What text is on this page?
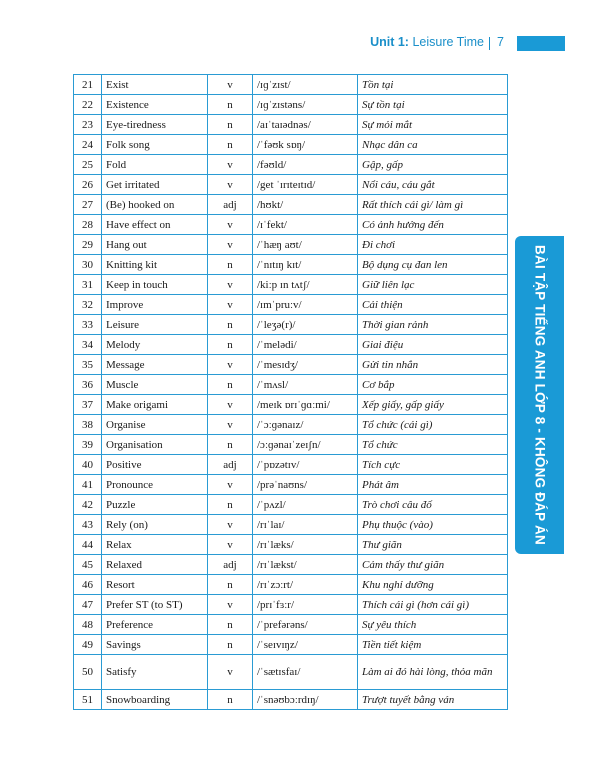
Unit 1: Leisure Time 7
BÀI TẬP TIẾNG ANH LỚP 8 - KHÔNG ĐÁP ÁN
21	Exist	v	/ɪɡˈzɪst/	Tồn tại
22	Existence	n	/ɪɡˈzɪstəns/	Sự tồn tại
23	Eye-tiredness	n	/aɪˈtaɪədnəs/	Sự mỏi mắt
24	Folk song	n	/ˈfəʊk sɒŋ/	Nhạc dân ca
25	Fold	v	/fəʊld/	Gập, gấp
26	Get irritated	v	/get ˈɪrɪteɪtɪd/	Nổi cáu, cáu gắt
27	(Be) hooked on	adj	/hʊkt/	Rất thích cái gì/ làm gì
28	Have effect on	v	/ɪˈfekt/	Có ảnh hưởng đến
29	Hang out	v	/ˈhæŋ aʊt/	Đi chơi
30	Knitting kit	n	/ˈnɪtɪŋ kɪt/	Bộ dụng cụ đan len
31	Keep in touch	v	/kiːp ɪn tʌtʃ/	Giữ liên lạc
32	Improve	v	/ɪmˈpruːv/	Cải thiện
33	Leisure	n	/ˈleʒə(r)/	Thời gian rảnh
34	Melody	n	/ˈmelədi/	Giai điệu
35	Message	v	/ˈmesɪdʒ/	Gửi tin nhắn
36	Muscle	n	/ˈmʌsl/	Cơ bắp
37	Make origami	v	/meɪk ɒrɪˈɡɑːmi/	Xếp giấy, gấp giấy
38	Organise	v	/ˈɔːɡənaɪz/	Tổ chức (cái gì)
39	Organisation	n	/ɔːɡənaɪˈzeɪʃn/	Tổ chức
40	Positive	adj	/ˈpɒzətɪv/	Tích cực
41	Pronounce	v	/prəˈnaʊns/	Phát âm
42	Puzzle	n	/ˈpʌzl/	Trò chơi câu đố
43	Rely (on)	v	/rɪˈlaɪ/	Phụ thuộc (vào)
44	Relax	v	/rɪˈlæks/	Thư giãn
45	Relaxed	adj	/rɪˈlækst/	Cảm thấy thư giãn
46	Resort	n	/rɪˈzɔːrt/	Khu nghỉ dưỡng
47	Prefer ST (to ST)	v	/prɪˈfɜːr/	Thích cái gì (hơn cái gì)
48	Preference	n	/ˈprefərəns/	Sự yêu thích
49	Savings	n	/ˈseɪvɪŋz/	Tiền tiết kiệm
50	Satisfy	v	/ˈsætɪsfaɪ/	Làm ai đó hài lòng, thỏa mãn
51	Snowboarding	n	/ˈsnəʊbɔːrdɪŋ/	Trượt tuyết bằng ván
